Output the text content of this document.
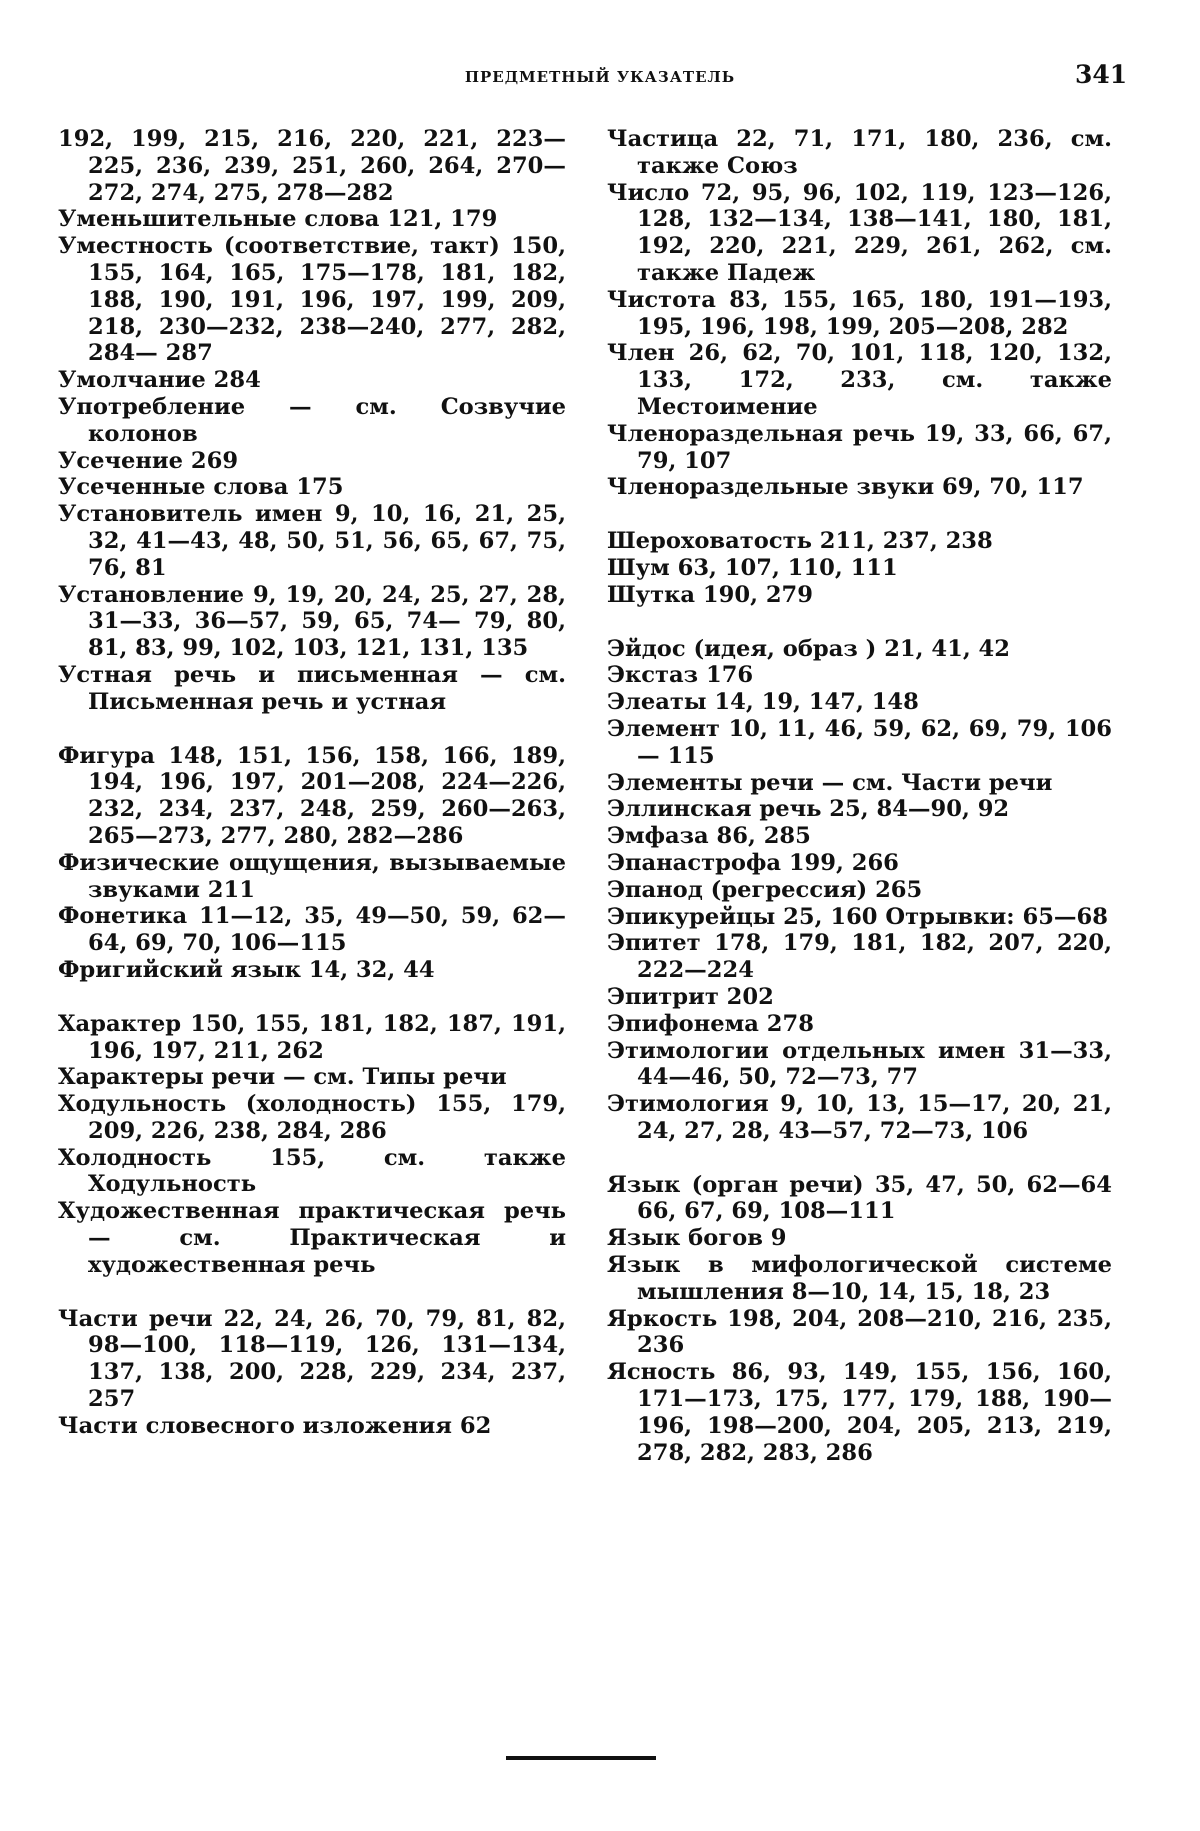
ПРЕДМЕТНЫЙ УКАЗАТЕЛЬ	341
192, 199, 215, 216, 220, 221, 223— 225, 236, 239, 251, 260, 264, 270— 272, 274, 275, 278—282
Уменьшительные слова 121, 179
Уместность (соответствие, такт) 150, 155, 164, 165, 175—178, 181, 182, 188, 190, 191, 196, 197, 199, 209, 218, 230—232, 238—240, 277, 282, 284— 287
Умолчание 284
Употребление — см. Созвучие колонов
Усечение 269
Усеченные слова 175
Установитель имен 9, 10, 16, 21, 25, 32, 41—43, 48, 50, 51, 56, 65, 67, 75, 76, 81
Установление 9, 19, 20, 24, 25, 27, 28, 31—33, 36—57, 59, 65, 74— 79, 80, 81, 83, 99, 102, 103, 121, 131, 135
Устная речь и письменная — см. Письменная речь и устная
Фигура 148, 151, 156, 158, 166, 189, 194, 196, 197, 201—208, 224—226, 232, 234, 237, 248, 259, 260—263, 265—273, 277, 280, 282—286
Физические ощущения, вызываемые звуками 211
Фонетика 11—12, 35, 49—50, 59, 62—64, 69, 70, 106—115
Фригийский язык 14, 32, 44
Характер 150, 155, 181, 182, 187, 191, 196, 197, 211, 262
Характеры речи — см. Типы речи
Ходульность (холодность) 155, 179, 209, 226, 238, 284, 286
Холодность 155, см. также Ходульность
Художественная практическая речь— см. Практическая и художественная речь
Части речи 22, 24, 26, 70, 79, 81, 82, 98—100, 118—119, 126, 131—134, 137, 138, 200, 228, 229, 234, 237, 257
Части словесного изложения 62
Частица 22, 71, 171, 180, 236, см. также Союз
Число 72, 95, 96, 102, 119, 123—126, 128, 132—134, 138—141, 180, 181, 192, 220, 221, 229, 261, 262, см. также Падеж
Чистота 83, 155, 165, 180, 191—193, 195, 196, 198, 199, 205—208, 282
Член 26, 62, 70, 101, 118, 120, 132, 133, 172, 233, см. также Местоимение
Членораздельная речь 19, 33, 66, 67, 79, 107
Членораздельные звуки 69, 70, 117
Шероховатость 211, 237, 238
Шум 63, 107, 110, 111
Шутка 190, 279
Эйдос (идея, образ ) 21, 41, 42
Экстаз 176
Элеаты 14, 19, 147, 148
Элемент 10, 11, 46, 59, 62, 69, 79, 106— 115
Элементы речи — см. Части речи
Эллинская речь 25, 84—90, 92
Эмфаза 86, 285
Эпанастрофа 199, 266
Эпанод (регрессия) 265
Эпикурейцы 25, 160 Отрывки: 65—68
Эпитет 178, 179, 181, 182, 207, 220, 222—224
Эпитрит 202
Эпифонема 278
Этимологии отдельных имен 31—33, 44—46, 50, 72—73, 77
Этимология 9, 10, 13, 15—17, 20, 21, 24, 27, 28, 43—57, 72—73, 106
Язык (орган речи) 35, 47, 50, 62—64 66, 67, 69, 108—111
Язык богов 9
Язык в мифологической системе мышления 8—10, 14, 15, 18, 23
Яркость 198, 204, 208—210, 216, 235, 236
Ясность 86, 93, 149, 155, 156, 160, 171—173, 175, 177, 179, 188, 190— 196, 198—200, 204, 205, 213, 219, 278, 282, 283, 286
